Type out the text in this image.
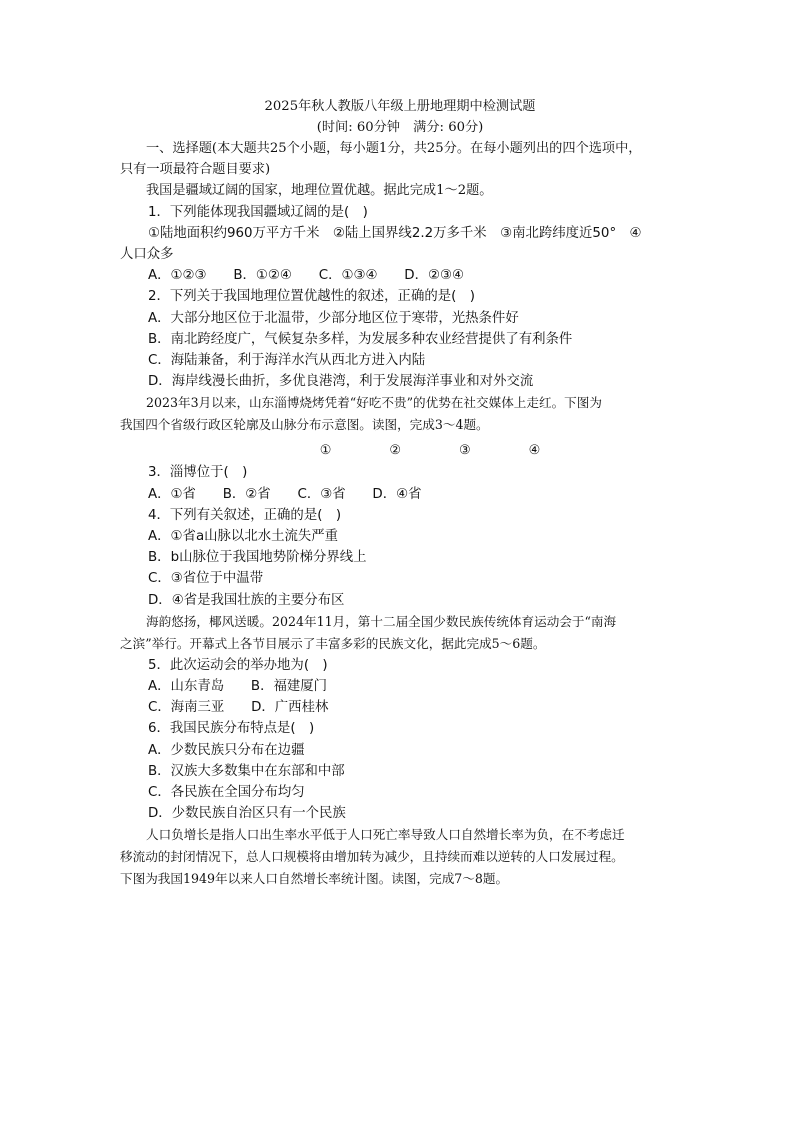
2025年秋人教版八年级上册地理期中检测试题
(时间: 60分钟　满分: 60分)
一、选择题(本大题共25个小题，每小题1分，共25分。在每小题列出的四个选项中，
只有一项最符合题目要求)
我国是疆域辽阔的国家，地理位置优越。据此完成1～2题。
1．下列能体现我国疆域辽阔的是(　)
①陆地面积约960万平方千米　②陆上国界线2.2万多千米　③南北跨纬度近50°　④
人口众多
A．①②③　　B．①②④　　C．①③④　　D．②③④
2．下列关于我国地理位置优越性的叙述，正确的是(　)
A．大部分地区位于北温带，少部分地区位于寒带，光热条件好
B．南北跨经度广，气候复杂多样，为发展多种农业经营提供了有利条件
C．海陆兼备，利于海洋水汽从西北方进入内陆
D．海岸线漫长曲折，多优良港湾，利于发展海洋事业和对外交流
2023年3月以来，山东淄博烧烤凭着“好吃不贵”的优势在社交媒体上走红。下图为
我国四个省级行政区轮廓及山脉分布示意图。读图，完成3～4题。
①	②	③	④
3．淄博位于(　)
A．①省　　B．②省　　C．③省　　D．④省
4．下列有关叙述，正确的是(　)
A．①省a山脉以北水土流失严重
B．b山脉位于我国地势阶梯分界线上
C．③省位于中温带
D．④省是我国壮族的主要分布区
海韵悠扬，椰风送暖。2024年11月，第十二届全国少数民族传统体育运动会于“南海
之滨”举行。开幕式上各节目展示了丰富多彩的民族文化，据此完成5～6题。
5．此次运动会的举办地为(　)
A．山东青岛　　B．福建厦门
C．海南三亚　　D．广西桂林
6．我国民族分布特点是(　)
A．少数民族只分布在边疆
B．汉族大多数集中在东部和中部
C．各民族在全国分布均匀
D．少数民族自治区只有一个民族
人口负增长是指人口出生率水平低于人口死亡率导致人口自然增长率为负，在不考虑迁
移流动的封闭情况下，总人口规模将由增加转为减少，且持续而难以逆转的人口发展过程。
下图为我国1949年以来人口自然增长率统计图。读图，完成7～8题。
